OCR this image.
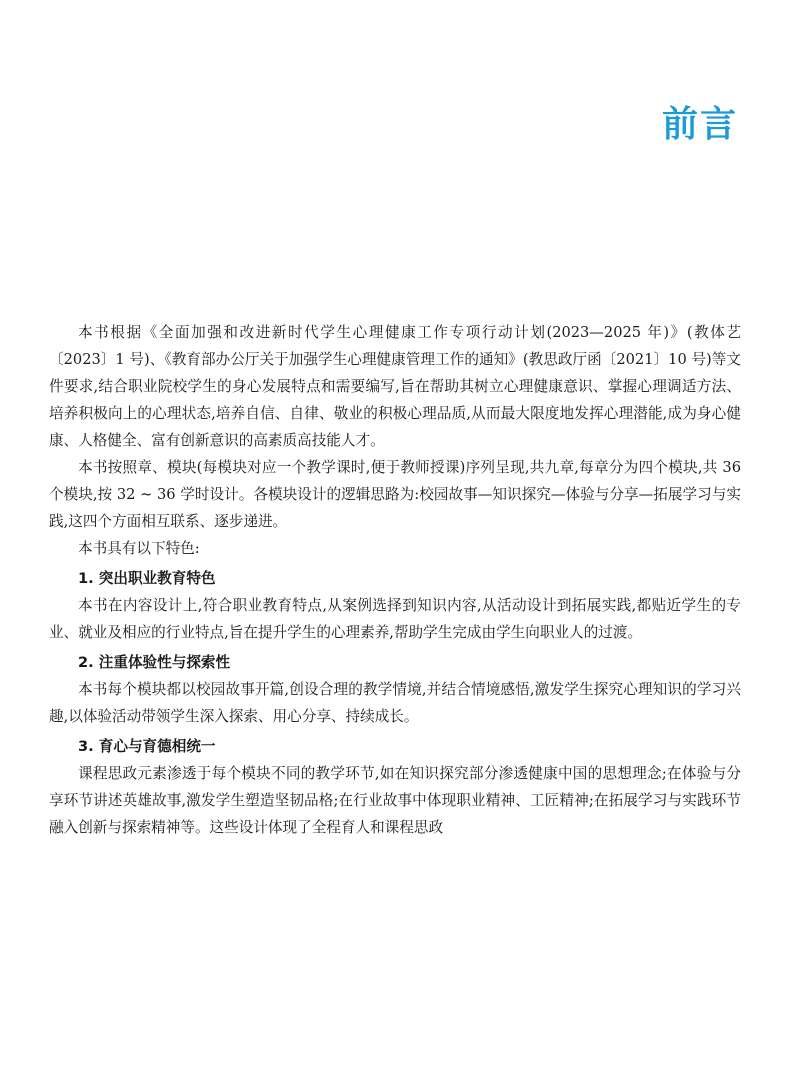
前言

本书根据《全面加强和改进新时代学生心理健康工作专项行动计划(2023—2025 年)》(教体艺〔2023〕1 号)、《教育部办公厅关于加强学生心理健康管理工作的通知》(教思政厅函〔2021〕10 号)等文件要求,结合职业院校学生的身心发展特点和需要编写,旨在帮助其树立心理健康意识、掌握心理调适方法、培养积极向上的心理状态,培养自信、自律、敬业的积极心理品质,从而最大限度地发挥心理潜能,成为身心健康、人格健全、富有创新意识的高素质高技能人才。

本书按照章、模块(每模块对应一个教学课时,便于教师授课)序列呈现,共九章,每章分为四个模块,共 36 个模块,按 32 ~ 36 学时设计。各模块设计的逻辑思路为:校园故事—知识探究—体验与分享—拓展学习与实践,这四个方面相互联系、逐步递进。

本书具有以下特色:

1. 突出职业教育特色

本书在内容设计上,符合职业教育特点,从案例选择到知识内容,从活动设计到拓展实践,都贴近学生的专业、就业及相应的行业特点,旨在提升学生的心理素养,帮助学生完成由学生向职业人的过渡。

2. 注重体验性与探索性

本书每个模块都以校园故事开篇,创设合理的教学情境,并结合情境感悟,激发学生探究心理知识的学习兴趣,以体验活动带领学生深入探索、用心分享、持续成长。

3. 育心与育德相统一

课程思政元素渗透于每个模块不同的教学环节,如在知识探究部分渗透健康中国的思想理念;在体验与分享环节讲述英雄故事,激发学生塑造坚韧品格;在行业故事中体现职业精神、工匠精神;在拓展学习与实践环节融入创新与探索精神等。这些设计体现了全程育人和课程思政
